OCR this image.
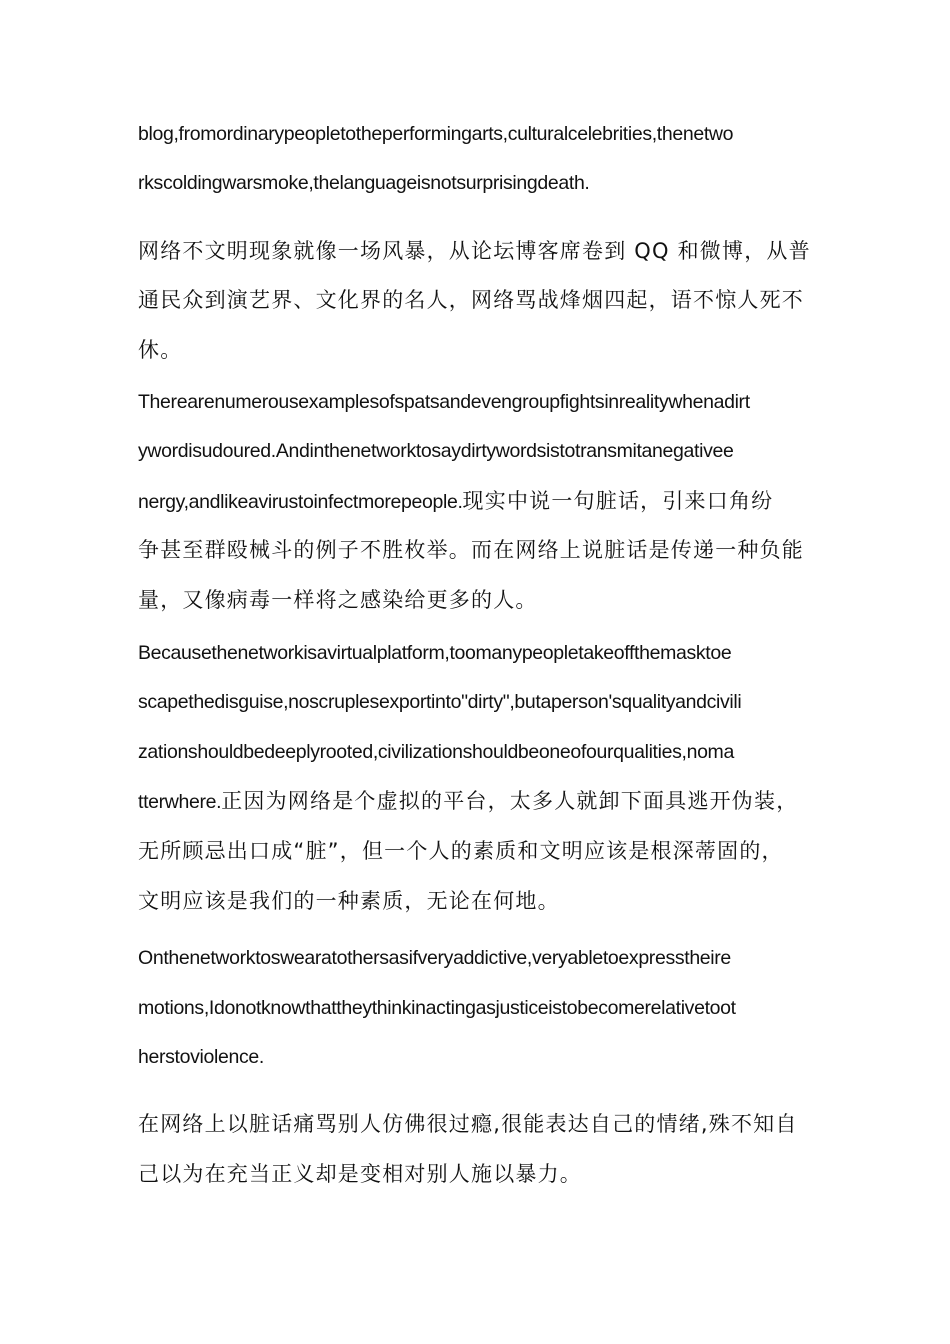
blog,fromordinarypeopletotheperformingarts,culturalcelebrities,thenetwo
rkscoldingwarsmoke,thelanguageisnotsurprisingdeath.
网络不文明现象就像一场风暴，从论坛博客席卷到 QQ 和微博，从普
通民众到演艺界、文化界的名人，网络骂战烽烟四起，语不惊人死不
休。
Therearenumerousexamplesofspatsandevengroupfightsinrealitywhenadirt
ywordisudoured.Andinthenetworktosaydirtywordsistotransmitanegativee
nergy,andlikeavirustoinfectmorepeople.现实中说一句脏话，引来口角纷
争甚至群殴械斗的例子不胜枚举。而在网络上说脏话是传递一种负能
量，又像病毒一样将之感染给更多的人。
Becausethenetworkisavirtualplatform,toomanypeopletakeoffthemasktoe
scapethedisguise,noscruplesexportinto"dirty",butaperson'squalityandcivili
zationshouldbedeeplyrooted,civilizationshouldbeoneofourqualities,noma
tterwhere.正因为网络是个虚拟的平台，太多人就卸下面具逃开伪装，
无所顾忌出口成“脏”，但一个人的素质和文明应该是根深蒂固的，
文明应该是我们的一种素质，无论在何地。
Onthenetworktoswearatothersasifveryaddictive,veryabletoexpresstheire
motions,Idonotknowthattheythinkinactingasjusticeistobecomerelativetoot
herstoviolence.
在网络上以脏话痛骂别人仿佛很过瘾,很能表达自己的情绪,殊不知自
己以为在充当正义却是变相对别人施以暴力。
